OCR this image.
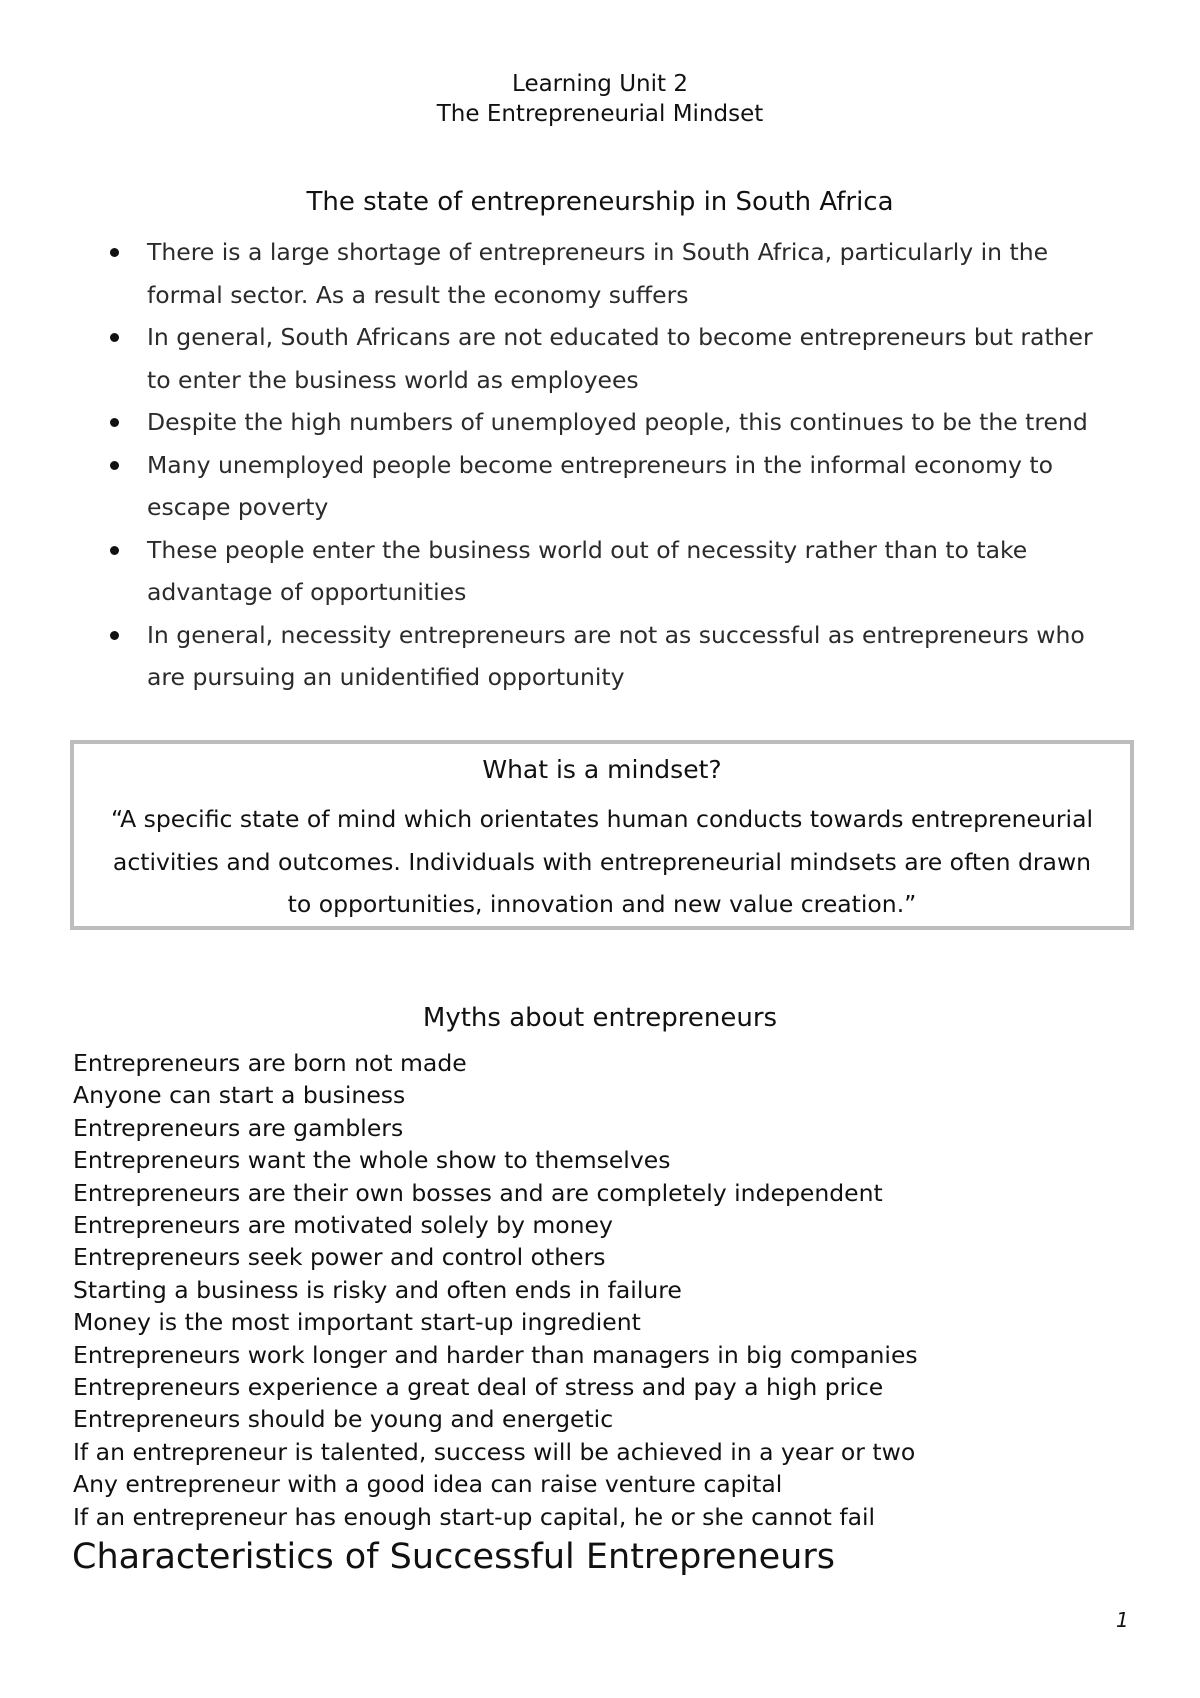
Learning Unit 2
The Entrepreneurial Mindset
The state of entrepreneurship in South Africa
There is a large shortage of entrepreneurs in South Africa, particularly in the
formal sector. As a result the economy suffers
In general, South Africans are not educated to become entrepreneurs but rather
to enter the business world as employees
Despite the high numbers of unemployed people, this continues to be the trend
Many unemployed people become entrepreneurs in the informal economy to
escape poverty
These people enter the business world out of necessity rather than to take
advantage of opportunities
In general, necessity entrepreneurs are not as successful as entrepreneurs who
are pursuing an unidentified opportunity
What is a mindset?
“A specific state of mind which orientates human conducts towards entrepreneurial
activities and outcomes. Individuals with entrepreneurial mindsets are often drawn
to opportunities, innovation and new value creation.”
Myths about entrepreneurs
Entrepreneurs are born not made
Anyone can start a business
Entrepreneurs are gamblers
Entrepreneurs want the whole show to themselves
Entrepreneurs are their own bosses and are completely independent
Entrepreneurs are motivated solely by money
Entrepreneurs seek power and control others
Starting a business is risky and often ends in failure
Money is the most important start-up ingredient
Entrepreneurs work longer and harder than managers in big companies
Entrepreneurs experience a great deal of stress and pay a high price
Entrepreneurs should be young and energetic
If an entrepreneur is talented, success will be achieved in a year or two
Any entrepreneur with a good idea can raise venture capital
If an entrepreneur has enough start-up capital, he or she cannot fail
Characteristics of Successful Entrepreneurs
1
